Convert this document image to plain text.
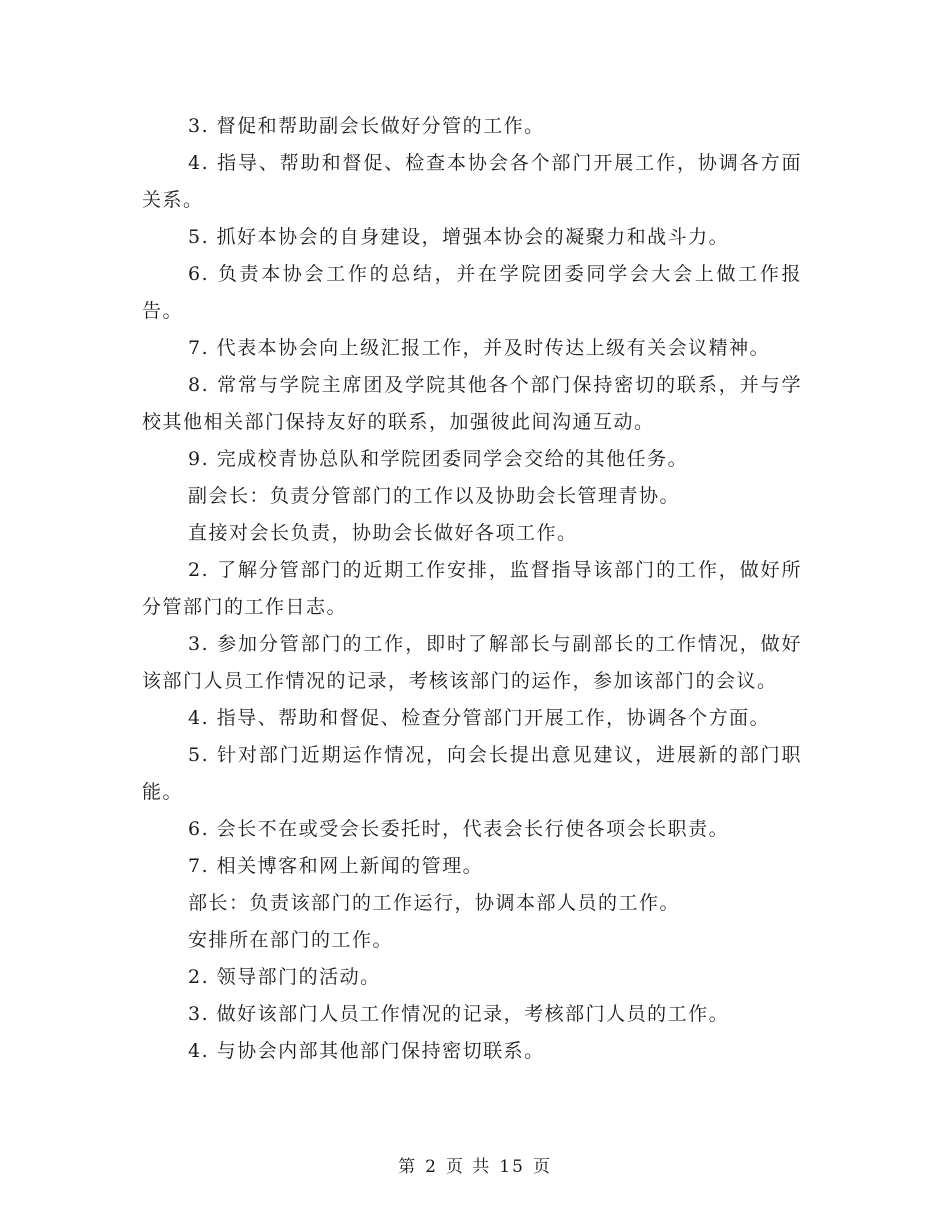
3. 督促和帮助副会长做好分管的工作。

4. 指导、帮助和督促、检查本协会各个部门开展工作，协调各方面关系。

5. 抓好本协会的自身建设，增强本协会的凝聚力和战斗力。

6. 负责本协会工作的总结，并在学院团委同学会大会上做工作报告。

7. 代表本协会向上级汇报工作，并及时传达上级有关会议精神。

8. 常常与学院主席团及学院其他各个部门保持密切的联系，并与学校其他相关部门保持友好的联系，加强彼此间沟通互动。

9. 完成校青协总队和学院团委同学会交给的其他任务。

副会长：负责分管部门的工作以及协助会长管理青协。

直接对会长负责，协助会长做好各项工作。

2. 了解分管部门的近期工作安排，监督指导该部门的工作，做好所分管部门的工作日志。

3. 参加分管部门的工作，即时了解部长与副部长的工作情况，做好该部门人员工作情况的记录，考核该部门的运作，参加该部门的会议。

4. 指导、帮助和督促、检查分管部门开展工作，协调各个方面。

5. 针对部门近期运作情况，向会长提出意见建议，进展新的部门职能。

6. 会长不在或受会长委托时，代表会长行使各项会长职责。

7. 相关博客和网上新闻的管理。

部长：负责该部门的工作运行，协调本部人员的工作。

安排所在部门的工作。

2. 领导部门的活动。

3. 做好该部门人员工作情况的记录，考核部门人员的工作。

4. 与协会内部其他部门保持密切联系。

第 2 页 共 15 页
